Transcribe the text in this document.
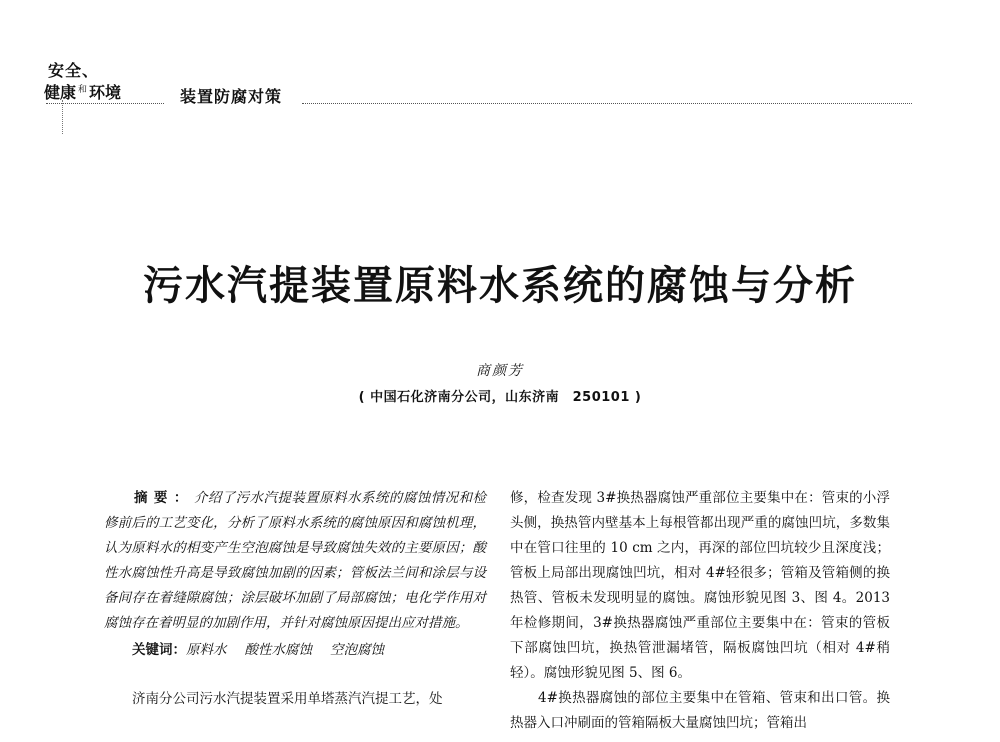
安全、
健康 $^和$ 环境	装置防腐对策
污水汽提装置原料水系统的腐蚀与分析
商颜芳
( 中国石化济南分公司，山东济南　250101 )
摘要：介绍了污水汽提装置原料水系统的腐蚀情况和检修前后的工艺变化，分析了原料水系统的腐蚀原因和腐蚀机理，认为原料水的相变产生空泡腐蚀是导致腐蚀失效的主要原因；酸性水腐蚀性升高是导致腐蚀加剧的因素；管板法兰间和涂层与设备间存在着缝隙腐蚀；涂层破坏加剧了局部腐蚀；电化学作用对腐蚀存在着明显的加剧作用，并针对腐蚀原因提出应对措施。
关键词：原料水 酸性水腐蚀 空泡腐蚀
济南分公司污水汽提装置采用单塔蒸汽汽提工艺，处
修，检查发现 3#换热器腐蚀严重部位主要集中在：管束的小浮头侧，换热管内壁基本上每根管都出现严重的腐蚀凹坑，多数集中在管口往里的 10 cm 之内，再深的部位凹坑较少且深度浅；管板上局部出现腐蚀凹坑，相对 4#轻很多；管箱及管箱侧的换热管、管板未发现明显的腐蚀。腐蚀形貌见图 3、图 4。2013 年检修期间，3#换热器腐蚀严重部位主要集中在：管束的管板下部腐蚀凹坑，换热管泄漏堵管，隔板腐蚀凹坑（相对 4#稍轻）。腐蚀形貌见图 5、图 6。
4#换热器腐蚀的部位主要集中在管箱、管束和出口管。换热器入口冲刷面的管箱隔板大量腐蚀凹坑；管箱出
